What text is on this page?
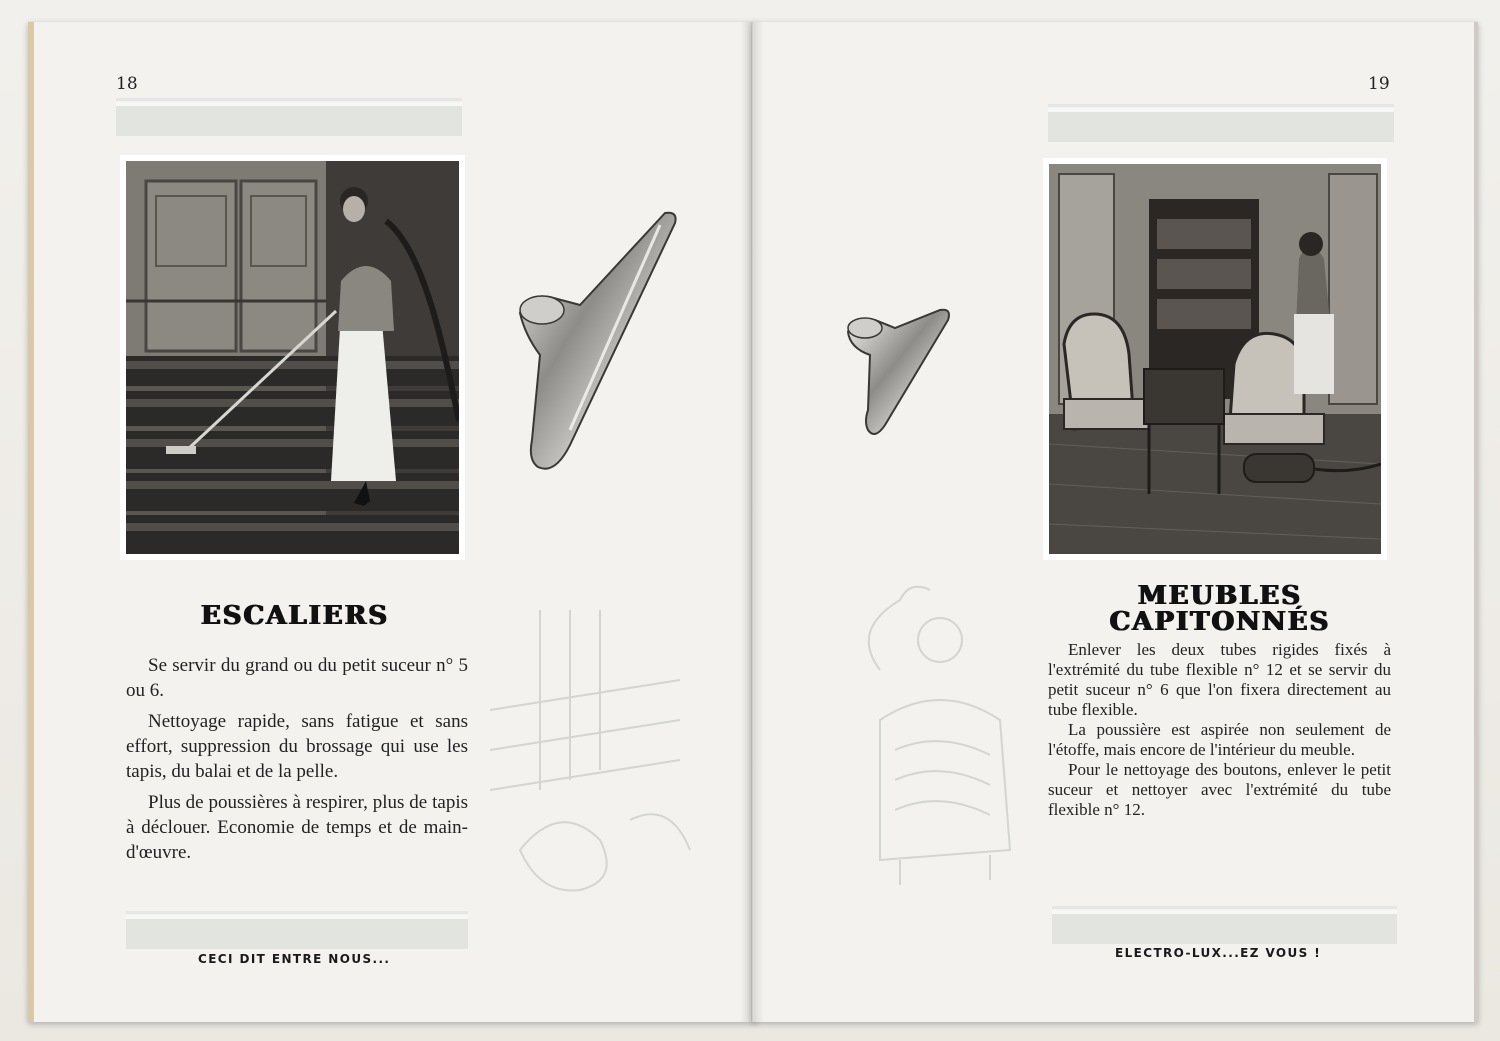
18	19
ESCALIERS
MEUBLES
CAPITONNÉS

Se servir du grand ou du petit suceur n° 5 ou 6.

Nettoyage rapide, sans fatigue et sans effort, suppression du brossage qui use les tapis, du balai et de la pelle.

Plus de poussières à respirer, plus de tapis à déclouer. Economie de temps et de main-d'œuvre.

Enlever les deux tubes rigides fixés à l'extrémité du tube flexible n° 12 et se servir du petit suceur n° 6 que l'on fixera directement au tube flexible.

La poussière est aspirée non seulement de l'étoffe, mais encore de l'intérieur du meuble.

Pour le nettoyage des boutons, enlever le petit suceur et nettoyer avec l'extrémité du tube flexible n° 12.

CECI DIT ENTRE NOUS...	ELECTRO-LUX...EZ VOUS !
